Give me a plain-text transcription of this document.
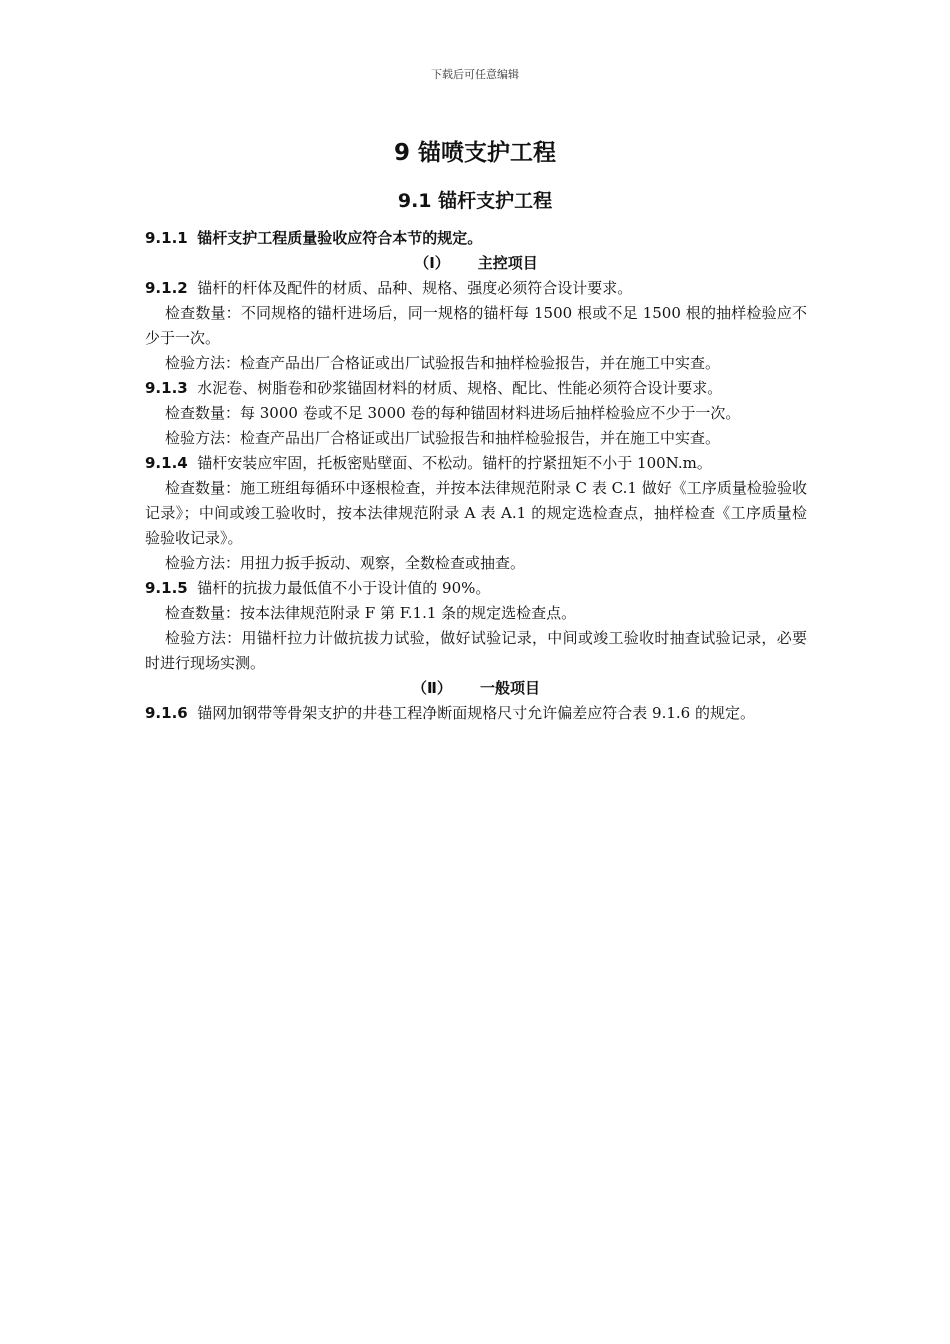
下载后可任意编辑
9 锚喷支护工程
9.1 锚杆支护工程

9.1.1 锚杆支护工程质量验收应符合本节的规定。

（Ⅰ） 主控项目

9.1.2 锚杆的杆体及配件的材质、品种、规格、强度必须符合设计要求。

检查数量：不同规格的锚杆进场后，同一规格的锚杆每 1500 根或不足 1500 根的抽样检验应不少于一次。

检验方法：检查产品出厂合格证或出厂试验报告和抽样检验报告，并在施工中实查。

9.1.3 水泥卷、树脂卷和砂浆锚固材料的材质、规格、配比、性能必须符合设计要求。

检查数量：每 3000 卷或不足 3000 卷的每种锚固材料进场后抽样检验应不少于一次。

检验方法：检查产品出厂合格证或出厂试验报告和抽样检验报告，并在施工中实查。

9.1.4 锚杆安装应牢固，托板密贴壁面、不松动。锚杆的拧紧扭矩不小于 100N.m。

检查数量：施工班组每循环中逐根检查，并按本法律规范附录 C 表 C.1 做好《工序质量检验验收记录》；中间或竣工验收时，按本法律规范附录 A 表 A.1 的规定选检查点，抽样检查《工序质量检验验收记录》。

检验方法：用扭力扳手扳动、观察，全数检查或抽查。

9.1.5 锚杆的抗拔力最低值不小于设计值的 90%。

检查数量：按本法律规范附录 F 第 F.1.1 条的规定选检查点。

检验方法：用锚杆拉力计做抗拔力试验，做好试验记录，中间或竣工验收时抽查试验记录，必要时进行现场实测。

（Ⅱ） 一般项目

9.1.6 锚网加钢带等骨架支护的井巷工程净断面规格尺寸允许偏差应符合表 9.1.6 的规定。
